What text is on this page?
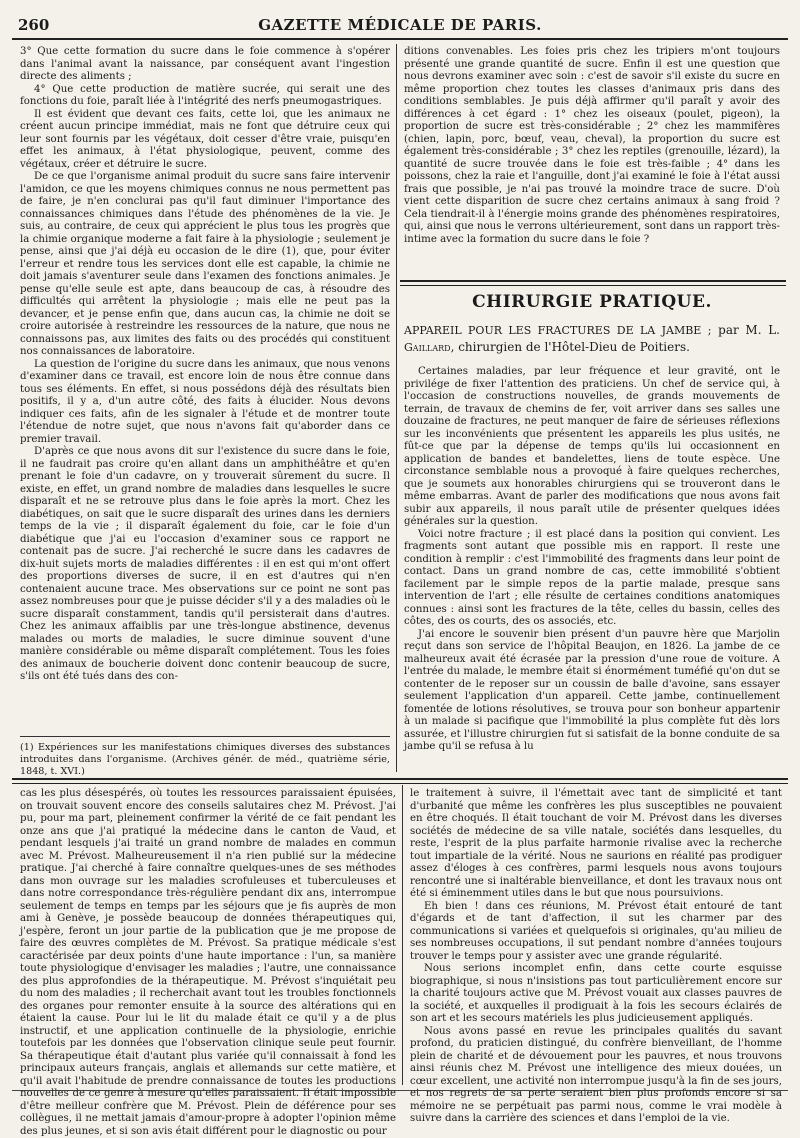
260	GAZETTE MÉDICALE DE PARIS.

3° Que cette formation du sucre dans le foie commence à s'opérer dans l'animal avant la naissance, par conséquent avant l'ingestion directe des aliments ;

4° Que cette production de matière sucrée, qui serait une des fonctions du foie, paraît liée à l'intégrité des nerfs pneumogastriques.

Il est évident que devant ces faits, cette loi, que les animaux ne créent aucun principe immédiat, mais ne font que détruire ceux qui leur sont fournis par les végétaux, doit cesser d'être vraie, puisqu'en effet les animaux, à l'état physiologique, peuvent, comme des végétaux, créer et détruire le sucre.

De ce que l'organisme animal produit du sucre sans faire intervenir l'amidon, ce que les moyens chimiques connus ne nous permettent pas de faire, je n'en conclurai pas qu'il faut diminuer l'importance des connaissances chimiques dans l'étude des phénomènes de la vie. Je suis, au contraire, de ceux qui apprécient le plus tous les progrès que la chimie organique moderne a fait faire à la physiologie ; seulement je pense, ainsi que j'ai déjà eu occasion de le dire (1), que, pour éviter l'erreur et rendre tous les services dont elle est capable, la chimie ne doit jamais s'aventurer seule dans l'examen des fonctions animales. Je pense qu'elle seule est apte, dans beaucoup de cas, à résoudre des difficultés qui arrêtent la physiologie ; mais elle ne peut pas la devancer, et je pense enfin que, dans aucun cas, la chimie ne doit se croire autorisée à restreindre les ressources de la nature, que nous ne connaissons pas, aux limites des faits ou des procédés qui constituent nos connaissances de laboratoire.

La question de l'origine du sucre dans les animaux, que nous venons d'examiner dans ce travail, est encore loin de nous être connue dans tous ses éléments. En effet, si nous possédons déjà des résultats bien positifs, il y a, d'un autre côté, des faits à élucider. Nous devons indiquer ces faits, afin de les signaler à l'étude et de montrer toute l'étendue de notre sujet, que nous n'avons fait qu'aborder dans ce premier travail.

D'après ce que nous avons dit sur l'existence du sucre dans le foie, il ne faudrait pas croire qu'en allant dans un amphithéâtre et qu'en prenant le foie d'un cadavre, on y trouverait sûrement du sucre. Il existe, en effet, un grand nombre de maladies dans lesquelles le sucre disparaît et ne se retrouve plus dans le foie après la mort. Chez les diabétiques, on sait que le sucre disparaît des urines dans les derniers temps de la vie ; il disparaît également du foie, car le foie d'un diabétique que j'ai eu l'occasion d'examiner sous ce rapport ne contenait pas de sucre. J'ai recherché le sucre dans les cadavres de dix-huit sujets morts de maladies différentes : il en est qui m'ont offert des proportions diverses de sucre, il en est d'autres qui n'en contenaient aucune trace. Mes observations sur ce point ne sont pas assez nombreuses pour que je puisse décider s'il y a des maladies où le sucre disparaît constamment, tandis qu'il persisterait dans d'autres. Chez les animaux affaiblis par une très-longue abstinence, devenus malades ou morts de maladies, le sucre diminue souvent d'une manière considérable ou même disparaît complétement. Tous les foies des animaux de boucherie doivent donc contenir beaucoup de sucre, s'ils ont été tués dans des con-

ditions convenables. Les foies pris chez les tripiers m'ont toujours présenté une grande quantité de sucre. Enfin il est une question que nous devrons examiner avec soin : c'est de savoir s'il existe du sucre en même proportion chez toutes les classes d'animaux pris dans des conditions semblables. Je puis déjà affirmer qu'il paraît y avoir des différences à cet égard : 1° chez les oiseaux (poulet, pigeon), la proportion de sucre est très-considérable ; 2° chez les mammifères (chien, lapin, porc, bœuf, veau, cheval), la proportion du sucre est également très-considérable ; 3° chez les reptiles (grenouille, lézard), la quantité de sucre trouvée dans le foie est très-faible ; 4° dans les poissons, chez la raie et l'anguille, dont j'ai examiné le foie à l'état aussi frais que possible, je n'ai pas trouvé la moindre trace de sucre. D'où vient cette disparition de sucre chez certains animaux à sang froid ? Cela tiendrait-il à l'énergie moins grande des phénomènes respiratoires, qui, ainsi que nous le verrons ultérieurement, sont dans un rapport très-intime avec la formation du sucre dans le foie ?

CHIRURGIE PRATIQUE.
APPAREIL POUR LES FRACTURES DE LA JAMBE ; par M. L. Gaillard, chirurgien de l'Hôtel-Dieu de Poitiers.

Certaines maladies, par leur fréquence et leur gravité, ont le privilége de fixer l'attention des praticiens. Un chef de service qui, à l'occasion de constructions nouvelles, de grands mouvements de terrain, de travaux de chemins de fer, voit arriver dans ses salles une douzaine de fractures, ne peut manquer de faire de sérieuses réflexions sur les inconvénients que présentent les appareils les plus usités, ne fût-ce que par la dépense de temps qu'ils lui occasionnent en application de bandes et bandelettes, liens de toute espèce. Une circonstance semblable nous a provoqué à faire quelques recherches, que je soumets aux honorables chirurgiens qui se trouveront dans le même embarras. Avant de parler des modifications que nous avons fait subir aux appareils, il nous paraît utile de présenter quelques idées générales sur la question.

Voici notre fracture ; il est placé dans la position qui convient. Les fragments sont autant que possible mis en rapport. Il reste une condition à remplir : c'est l'immobilité des fragments dans leur point de contact. Dans un grand nombre de cas, cette immobilité s'obtient facilement par le simple repos de la partie malade, presque sans intervention de l'art ; elle résulte de certaines conditions anatomiques connues : ainsi sont les fractures de la tête, celles du bassin, celles des côtes, des os courts, des os associés, etc.

J'ai encore le souvenir bien présent d'un pauvre hère que Marjolin reçut dans son service de l'hôpital Beaujon, en 1826. La jambe de ce malheureux avait été écrasée par la pression d'une roue de voiture. A l'entrée du malade, le membre était si énormément tuméfié qu'on dut se contenter de le reposer sur un coussin de balle d'avoine, sans essayer seulement l'application d'un appareil. Cette jambe, continuellement fomentée de lotions résolutives, se trouva pour son bonheur appartenir à un malade si pacifique que l'immobilité la plus complète fut dès lors assurée, et l'illustre chirurgien fut si satisfait de la bonne conduite de sa jambe qu'il se refusa à lu

(1) Expériences sur les manifestations chimiques diverses des substances introduites dans l'organisme. (Archives génér. de méd., quatrième série, 1848, t. XVI.)

cas les plus désespérés, où toutes les ressources paraissaient épuisées, on trouvait souvent encore des conseils salutaires chez M. Prévost. J'ai pu, pour ma part, pleinement confirmer la vérité de ce fait pendant les onze ans que j'ai pratiqué la médecine dans le canton de Vaud, et pendant lesquels j'ai traité un grand nombre de malades en commun avec M. Prévost. Malheureusement il n'a rien publié sur la médecine pratique. J'ai cherché à faire connaître quelques-unes de ses méthodes dans mon ouvrage sur les maladies scrofuleuses et tuberculeuses et dans notre correspondance très-régulière pendant dix ans, interrompue seulement de temps en temps par les séjours que je fis auprès de mon ami à Genève, je possède beaucoup de données thérapeutiques qui, j'espère, feront un jour partie de la publication que je me propose de faire des œuvres complètes de M. Prévost. Sa pratique médicale s'est caractérisée par deux points d'une haute importance : l'un, sa manière toute physiologique d'envisager les maladies ; l'autre, une connaissance des plus approfondies de la thérapeutique. M. Prévost s'inquiétait peu du nom des maladies ; il recherchait avant tout les troubles fonctionnels des organes pour remonter ensuite à la source des altérations qui en étaient la cause. Pour lui le lit du malade était ce qu'il y a de plus instructif, et une application continuelle de la physiologie, enrichie toutefois par les données que l'observation clinique seule peut fournir. Sa thérapeutique était d'autant plus variée qu'il connaissait à fond les principaux auteurs français, anglais et allemands sur cette matière, et qu'il avait l'habitude de prendre connaissance de toutes les productions nouvelles de ce genre à mesure qu'elles paraissaient. Il était impossible d'être meilleur confrère que M. Prévost. Plein de déférence pour ses collègues, il ne mettait jamais d'amour-propre à adopter l'opinion même des plus jeunes, et si son avis était différent pour le diagnostic ou pour

le traitement à suivre, il l'émettait avec tant de simplicité et tant d'urbanité que même les confrères les plus susceptibles ne pouvaient en être choqués. Il était touchant de voir M. Prévost dans les diverses sociétés de médecine de sa ville natale, sociétés dans lesquelles, du reste, l'esprit de la plus parfaite harmonie rivalise avec la recherche tout impartiale de la vérité. Nous ne saurions en réalité pas prodiguer assez d'éloges à ces confrères, parmi lesquels nous avons toujours rencontré une si inaltérable bienveillance, et dont les travaux nous ont été si éminemment utiles dans le but que nous poursuivions.

Eh bien ! dans ces réunions, M. Prévost était entouré de tant d'égards et de tant d'affection, il sut les charmer par des communications si variées et quelquefois si originales, qu'au milieu de ses nombreuses occupations, il sut pendant nombre d'années toujours trouver le temps pour y assister avec une grande régularité.

Nous serions incomplet enfin, dans cette courte esquisse biographique, si nous n'insistions pas tout particulièrement encore sur la charité toujours active que M. Prévost vouait aux classes pauvres de la société, et auxquelles il prodiguait à la fois les secours éclairés de son art et les secours matériels les plus judicieusement appliqués.

Nous avons passé en revue les principales qualités du savant profond, du praticien distingué, du confrère bienveillant, de l'homme plein de charité et de dévouement pour les pauvres, et nous trouvons ainsi réunis chez M. Prévost une intelligence des mieux douées, un cœur excellent, une activité non interrompue jusqu'à la fin de ses jours, et nos regrets de sa perte seraient bien plus profonds encore si sa mémoire ne se perpétuait pas parmi nous, comme le vrai modèle à suivre dans la carrière des sciences et dans l'emploi de la vie.
